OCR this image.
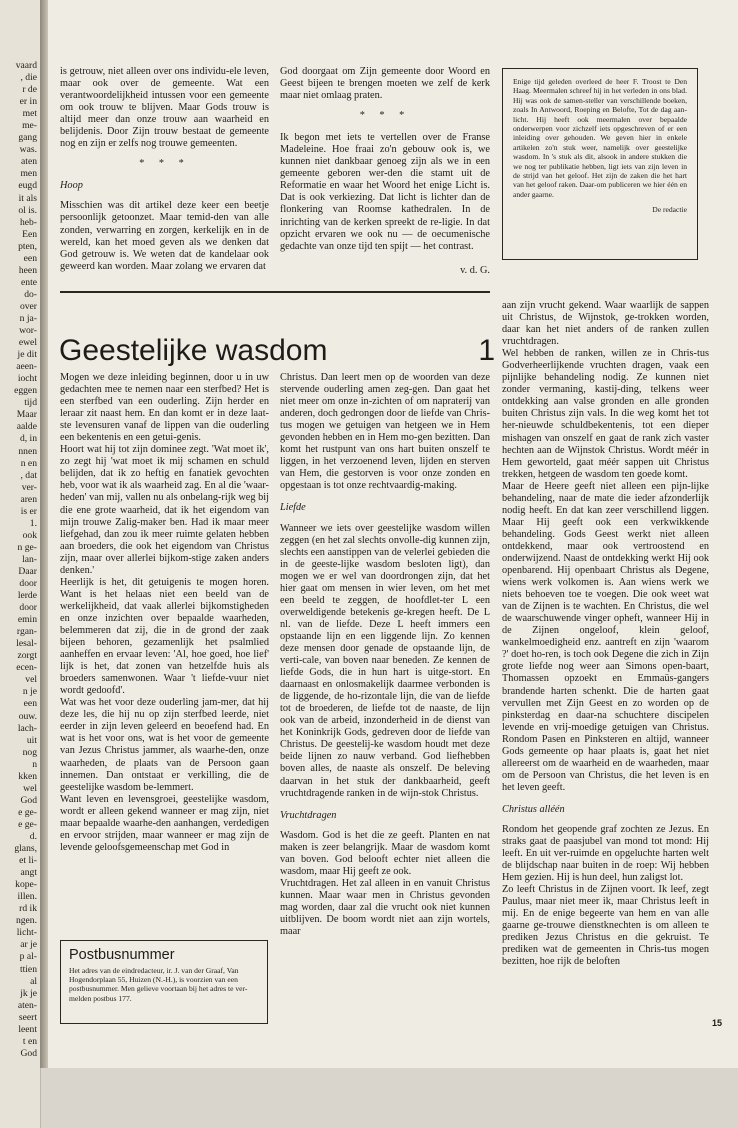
vaard
, die
r de
er in
met
me-
gang
was.
aten
men
eugd
it als
ol is.
heb-
Een
pten,
een
heen
ente
do-
over
n ja-
wor-
ewel
je dit
aeen-
iocht
eggen
tijd
Maar
aalde
d, in
nnen
n en
, dat
ver-
aren
is er
1.
ook
n ge-
lan-
Daar
door
lerde
door
emin
rgan-
lesal-
zorgt
ecen-
vel
n je
een
ouw.
lach-
uit
nog
n
kken
wel
God
e ge-
e ge-
d.
glans,
et li-
angt
kope-
illen.
rd ik
ngen.
licht-
ar je
p al-
ttien
al
jk je
aten-
seert
leent
t en
God

is getrouw, niet alleen over ons individu-ele leven, maar ook over de gemeente. Wat een verantwoordelijkheid intussen voor een gemeente om ook trouw te blijven. Maar Gods trouw is altijd meer dan onze trouw aan waarheid en belijdenis. Door Zijn trouw bestaat de gemeente nog en zijn er zelfs nog trouwe gemeenten.

* * *
Hoop

Misschien was dit artikel deze keer een beetje persoonlijk getoonzet. Maar temid-den van alle zonden, verwarring en zorgen, kerkelijk en in de wereld, kan het moed geven als we denken dat God getrouw is. We weten dat de kandelaar ook geweerd kan worden. Maar zolang we ervaren dat

God doorgaat om Zijn gemeente door Woord en Geest bijeen te brengen moeten we zelf de kerk maar niet omlaag praten.

* * *

Ik begon met iets te vertellen over de Franse Madeleine. Hoe fraai zo'n gebouw ook is, we kunnen niet dankbaar genoeg zijn als we in een gemeente geboren wer-den die stamt uit de Reformatie en waar het Woord het enige Licht is. Dat is ook verkiezing. Dat licht is lichter dan de flonkering van Roomse kathedralen. In de inrichting van de kerken spreekt de re-ligie. In dat opzicht ervaren we ook nu — de oecumenische gedachte van onze tijd ten spijt — het contrast.

v. d. G.
Enige tijd geleden overleed de heer F. Troost te Den Haag. Meermalen schreef hij in het verleden in ons blad. Hij was ook de samen-steller van verschillende boeken, zoals In Antwoord, Roeping en Belofte, Tot de dag aan-licht. Hij heeft ook meermalen over bepaalde onderwerpen voor zichzelf iets opgeschreven of er een inleiding over gehouden. We geven hier in enkele artikelen zo'n stuk weer, namelijk over geestelijke wasdom. In 's stuk als dit, alsook in andere stukken die we nog ter publikatie hebben, ligt iets van zijn leven in de strijd van het geloof. Het zijn de zaken die het hart van het geloof raken. Daar-om publiceren we hier één en ander gaarne.
De redactie
Geestelijke wasdom	1

Mogen we deze inleiding beginnen, door u in uw gedachten mee te nemen naar een sterfbed? Het is een sterfbed van een ouderling. Zijn herder en leraar zit naast hem. En dan komt er in deze laat-ste levensuren vanaf de lippen van die ouderling een bekentenis en een getui-genis.

Hoort wat hij tot zijn dominee zegt. 'Wat moet ik', zo zegt hij 'wat moet ik mij schamen en schuld belijden, dat ik zo heftig en fanatiek gevochten heb, voor wat ik als waarheid zag. En al die 'waar-heden' van mij, vallen nu als onbelang-rijk weg bij die ene grote waarheid, dat ik het eigendom van mijn trouwe Zalig-maker ben. Had ik maar meer liefgehad, dan zou ik meer ruimte gelaten hebben aan broeders, die ook het eigendom van Christus zijn, maar over allerlei bijkom-stige zaken anders denken.'

Heerlijk is het, dit getuigenis te mogen horen. Want is het helaas niet een beeld van de werkelijkheid, dat vaak allerlei bijkomstigheden en onze inzichten over bepaalde waarheden, belemmeren dat zij, die in de grond der zaak bijeen behoren, gezamenlijk het psalmlied aanheffen en ervaar leven: 'Al, hoe goed, hoe lief' lijk is het, dat zonen van hetzelfde huis als broeders samenwonen. Waar 't liefde-vuur niet wordt gedoofd'.

Wat was het voor deze ouderling jam-mer, dat hij deze les, die hij nu op zijn sterfbed leerde, niet eerder in zijn leven geleerd en beoefend had. En wat is het voor ons, wat is het voor de gemeente van Jezus Christus jammer, als waarhe-den, onze waarheden, de plaats van de Persoon gaan innemen. Dan ontstaat er verkilling, die de geestelijke wasdom be-lemmert.

Want leven en levensgroei, geestelijke wasdom, wordt er alleen gekend wanneer er mag zijn, niet maar bepaalde waarhe-den aanhangen, verdedigen en ervoor strijden, maar wanneer er mag zijn de levende geloofsgemeenschap met God in

Postbusnummer
Het adres van de eindredacteur, ir. J. van der Graaf, Van Hogendorplaan 55, Huizen (N.-H.), is voorzien van een postbusnummer. Men gelieve voortaan bij het adres te ver-melden postbus 177.

Christus. Dan leert men op de woorden van deze stervende ouderling amen zeg-gen. Dan gaat het niet meer om onze in-zichten of om napraterij van anderen, doch gedrongen door de liefde van Chris-tus mogen we getuigen van hetgeen we in Hem gevonden hebben en in Hem mo-gen bezitten. Dan komt het rustpunt van ons hart buiten onszelf te liggen, in het verzoenend leven, lijden en sterven van Hem, die gestorven is voor onze zonden en opgestaan is tot onze rechtvaardig-making.

Liefde

Wanneer we iets over geestelijke wasdom willen zeggen (en het zal slechts onvolle-dig kunnen zijn, slechts een aanstippen van de velerlei gebieden die in de geeste-lijke wasdom besloten ligt), dan mogen we er wel van doordrongen zijn, dat het hier gaat om mensen in wier leven, om het met een beeld te zeggen, de hoofdlet-ter L een overweldigende betekenis ge-kregen heeft. De L nl. van de liefde. Deze L heeft immers een opstaande lijn en een liggende lijn. Zo kennen deze mensen door genade de opstaande lijn, de verti-cale, van boven naar beneden. Ze kennen de liefde Gods, die in hun hart is uitge-stort. En daarnaast en onlosmakelijk daarmee verbonden is de liggende, de ho-rizontale lijn, die van de liefde tot de broederen, de liefde tot de naaste, de lijn ook van de arbeid, inzonderheid in de dienst van het Koninkrijk Gods, gedreven door de liefde van Christus. De geestelij-ke wasdom houdt met deze beide lijnen zo nauw verband. God liefhebben boven alles, de naaste als onszelf. De beleving daarvan in het stuk der dankbaarheid, geeft vruchtdragende ranken in de wijn-stok Christus.

Vruchtdragen

Wasdom. God is het die ze geeft. Planten en nat maken is zeer belangrijk. Maar de wasdom komt van boven. God belooft echter niet alleen die wasdom, maar Hij geeft ze ook.

Vruchtdragen. Het zal alleen in en vanuit Christus kunnen. Maar waar men in Christus gevonden mag worden, daar zal die vrucht ook niet kunnen uitblijven. De boom wordt niet aan zijn wortels, maar

aan zijn vrucht gekend. Waar waarlijk de sappen uit Christus, de Wijnstok, ge-trokken worden, daar kan het niet anders of de ranken zullen vruchtdragen.

Wel hebben de ranken, willen ze in Chris-tus Godverheerlijkende vruchten dragen, vaak een pijnlijke behandeling nodig. Ze kunnen niet zonder vermaning, kastij-ding, telkens weer ontdekking aan valse gronden en alle gronden buiten Christus zijn vals. In die weg komt het tot her-nieuwde schuldbekentenis, tot een dieper mishagen van onszelf en gaat de rank zich vaster hechten aan de Wijnstok Christus. Wordt méér in Hem geworteld, gaat méér sappen uit Christus trekken, hetgeen de wasdom ten goede komt.

Maar de Heere geeft niet alleen een pijn-lijke behandeling, naar de mate die ieder afzonderlijk nodig heeft. En dat kan zeer verschillend liggen. Maar Hij geeft ook een verkwikkende behandeling. Gods Geest werkt niet alleen ontdekkend, maar ook vertroostend en onderwijzend. Naast de ontdekking werkt Hij ook openbarend. Hij openbaart Christus als Degene, wiens werk volkomen is. Aan wiens werk we niets behoeven toe te voegen. Die ook weet wat van de Zijnen is te wachten. En Christus, die wel de waarschuwende vinger opheft, wanneer Hij in de Zijnen ongeloof, klein geloof, wankelmoedigheid enz. aantreft en zijn 'waarom ?' doet ho-ren, is toch ook Degene die zich in Zijn grote liefde nog weer aan Simons open-baart, Thomassen opzoekt en Emmaüs-gangers brandende harten schenkt. Die de harten gaat vervullen met Zijn Geest en zo worden op de pinksterdag en daar-na schuchtere discipelen levende en vrij-moedige getuigen van Christus. Rondom Pasen en Pinksteren en altijd, wanneer Gods gemeente op haar plaats is, gaat het niet allereerst om de waarheid en de waarheden, maar om de Persoon van Christus, die het leven is en het leven geeft.

Christus alléén

Rondom het geopende graf zochten ze Jezus. En straks gaat de paasjubel van mond tot mond: Hij leeft. En uit ver-ruimde en opgeluchte harten welt de blijdschap naar buiten in de roep: Wij hebben Hem gezien. Hij is hun deel, hun zaligst lot.

Zo leeft Christus in de Zijnen voort. Ik leef, zegt Paulus, maar niet meer ik, maar Christus leeft in mij. En de enige begeerte van hem en van alle gaarne ge-trouwe dienstknechten is om alleen te prediken Jezus Christus en die gekruist. Te prediken wat de gemeenten in Chris-tus mogen bezitten, hoe rijk de beloften

15
